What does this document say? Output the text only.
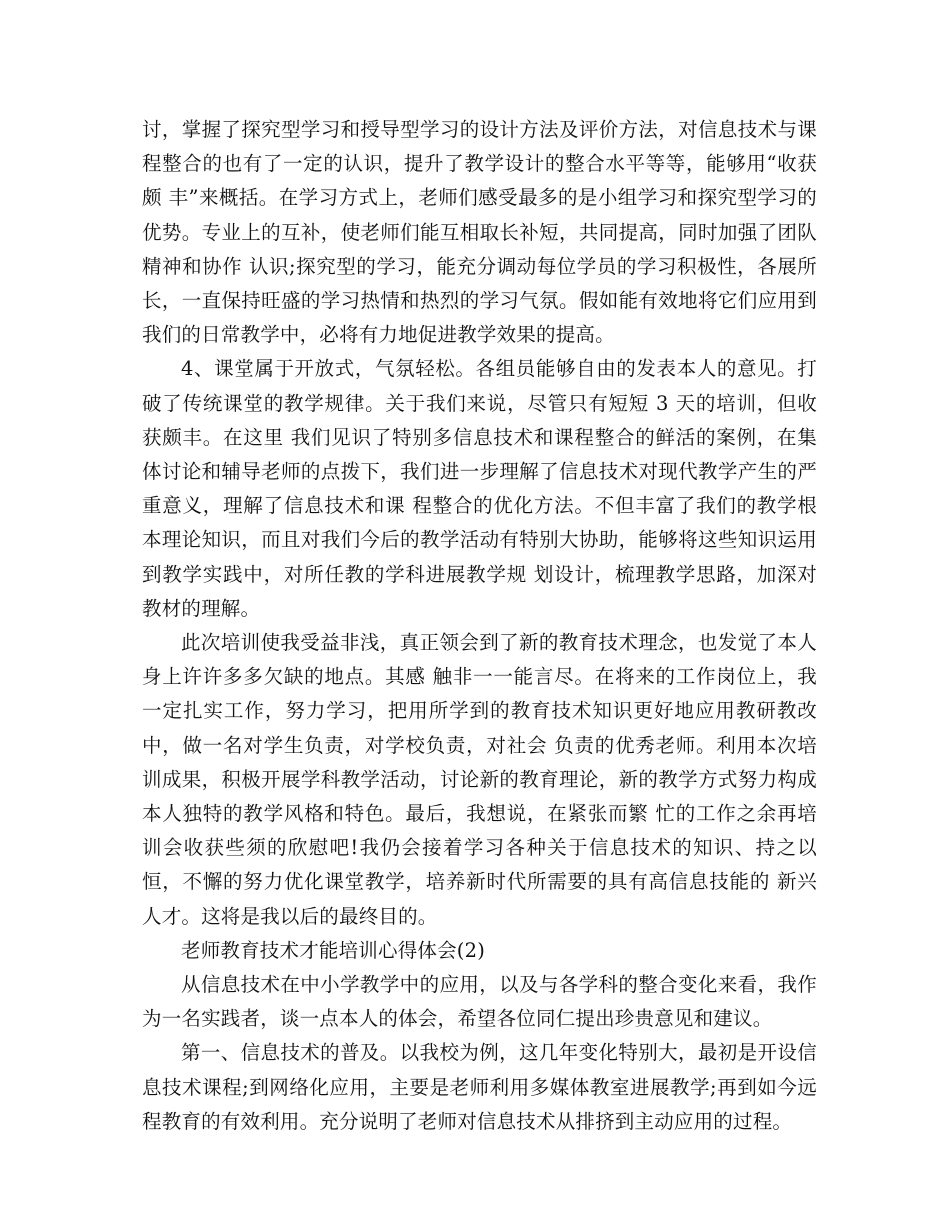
讨，掌握了探究型学习和授导型学习的设计方法及评价方法，对信息技术与课程整合的也有了一定的认识，提升了教学设计的整合水平等等，能够用“收获颇 丰”来概括。在学习方式上，老师们感受最多的是小组学习和探究型学习的优势。专业上的互补，使老师们能互相取长补短，共同提高，同时加强了团队精神和协作 认识;探究型的学习，能充分调动每位学员的学习积极性，各展所长，一直保持旺盛的学习热情和热烈的学习气氛。假如能有效地将它们应用到我们的日常教学中，必将有力地促进教学效果的提高。

4、课堂属于开放式，气氛轻松。各组员能够自由的发表本人的意见。打破了传统课堂的教学规律。关于我们来说，尽管只有短短 3 天的培训，但收获颇丰。在这里 我们见识了特别多信息技术和课程整合的鲜活的案例，在集体讨论和辅导老师的点拨下，我们进一步理解了信息技术对现代教学产生的严重意义，理解了信息技术和课 程整合的优化方法。不但丰富了我们的教学根本理论知识，而且对我们今后的教学活动有特别大协助，能够将这些知识运用到教学实践中，对所任教的学科进展教学规 划设计，梳理教学思路，加深对教材的理解。

此次培训使我受益非浅，真正领会到了新的教育技术理念，也发觉了本人身上许许多多欠缺的地点。其感 触非一一能言尽。在将来的工作岗位上，我一定扎实工作，努力学习，把用所学到的教育技术知识更好地应用教研教改中，做一名对学生负责，对学校负责，对社会 负责的优秀老师。利用本次培训成果，积极开展学科教学活动，讨论新的教育理论，新的教学方式努力构成本人独特的教学风格和特色。最后，我想说，在紧张而繁 忙的工作之余再培训会收获些须的欣慰吧!我仍会接着学习各种关于信息技术的知识、持之以恒，不懈的努力优化课堂教学，培养新时代所需要的具有高信息技能的 新兴人才。这将是我以后的最终目的。

老师教育技术才能培训心得体会(2)

从信息技术在中小学教学中的应用，以及与各学科的整合变化来看，我作为一名实践者，谈一点本人的体会，希望各位同仁提出珍贵意见和建议。

第一、信息技术的普及。以我校为例，这几年变化特别大，最初是开设信息技术课程;到网络化应用，主要是老师利用多媒体教室进展教学;再到如今远程教育的有效利用。充分说明了老师对信息技术从排挤到主动应用的过程。
